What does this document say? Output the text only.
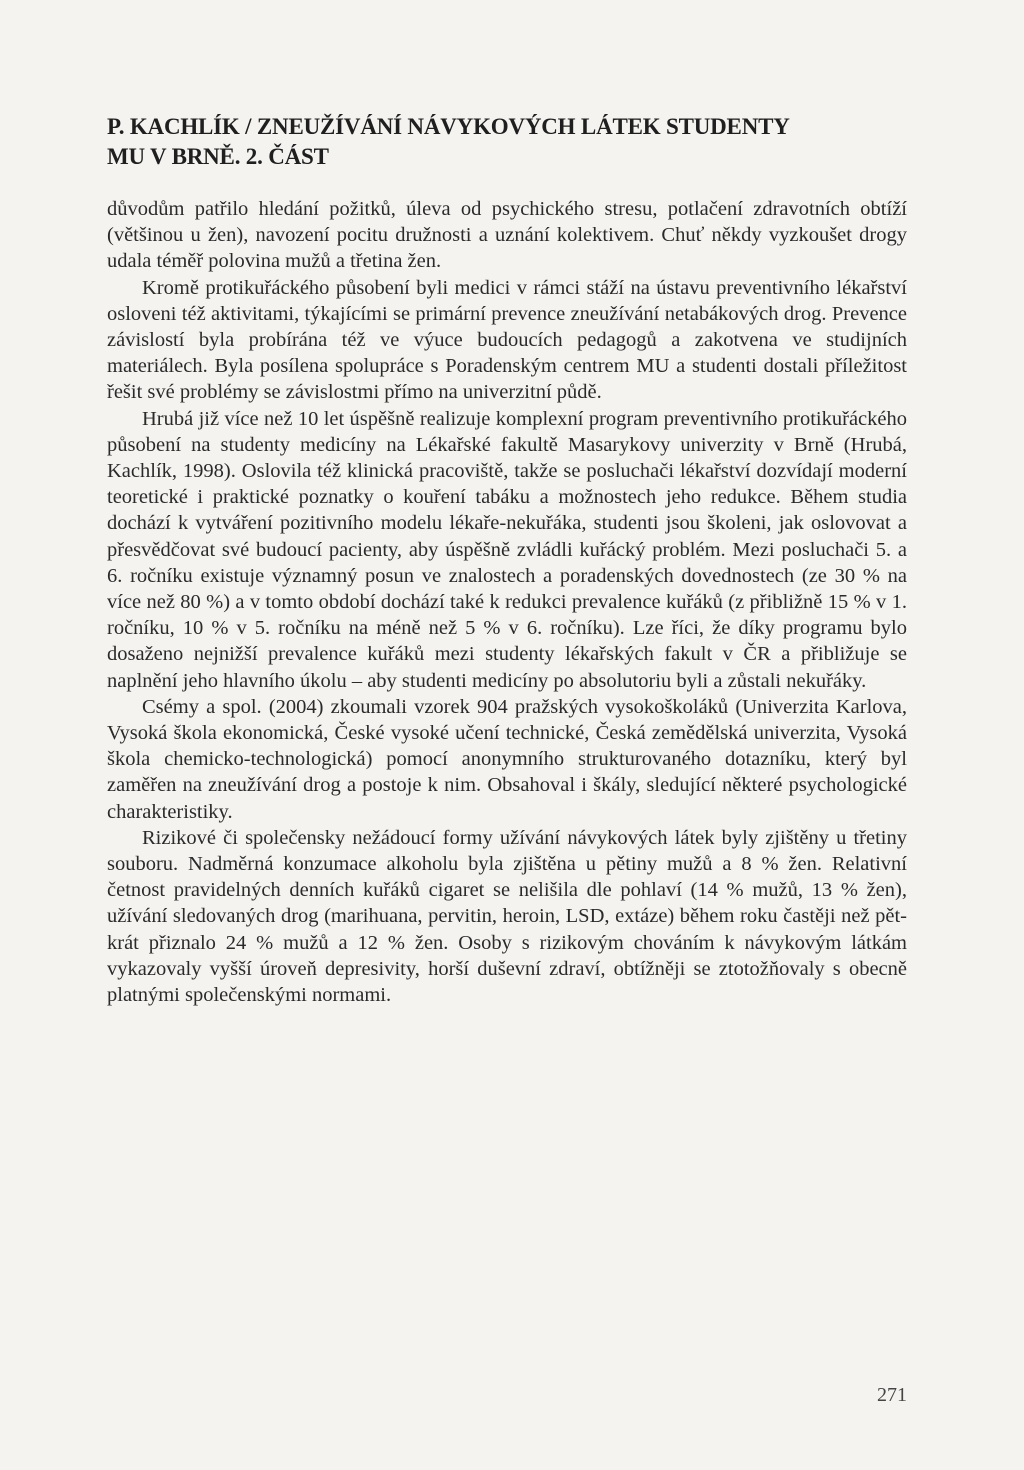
P. KACHLÍK / ZNEUŽÍVÁNÍ NÁVYKOVÝCH LÁTEK STUDENTY
MU V BRNĚ. 2. ČÁST

důvodům patřilo hledání požitků, úleva od psychického stresu, potlačení zdravotních obtíží (většinou u žen), navození pocitu družnosti a uznání kolektivem. Chuť někdy vyzkoušet drogy udala téměř polovina mužů a třetina žen.

Kromě protikuřáckého působení byli medici v rámci stáží na ústavu preventivního lékařství osloveni též aktivitami, týkajícími se primární prevence zneužívání netabákových drog. Prevence závislostí byla probírána též ve výuce budoucích pedagogů a zakotvena ve studijních materiálech. Byla posílena spolupráce s Poradenským centrem MU a studenti dostali příležitost řešit své problémy se závislostmi přímo na univerzitní půdě.

Hrubá již více než 10 let úspěšně realizuje komplexní program preventivního protikuřáckého působení na studenty medicíny na Lékařské fakultě Masarykovy univerzity v Brně (Hrubá, Kachlík, 1998). Oslovila též klinická pracoviště, takže se posluchači lékařství dozvídají moderní teoretické i praktické poznatky o kouření tabáku a možnostech jeho redukce. Během studia dochází k vytváření pozitivního modelu lékaře-nekuřáka, studenti jsou školeni, jak oslovovat a přesvědčovat své budoucí pacienty, aby úspěšně zvládli kuřácký problém. Mezi posluchači 5. a 6. ročníku existuje významný posun ve znalostech a poradenských dovednostech (ze 30 % na více než 80 %) a v tomto období dochází také k redukci prevalence kuřáků (z přibližně 15 % v 1. ročníku, 10 % v 5. ročníku na méně než 5 % v 6. ročníku). Lze říci, že díky programu bylo dosaženo nejnižší prevalence kuřáků mezi studenty lékařských fakult v ČR a přibližuje se naplnění jeho hlavního úkolu – aby studenti medicíny po absolutoriu byli a zůstali nekuřáky.

Csémy a spol. (2004) zkoumali vzorek 904 pražských vysokoškoláků (Univerzita Karlova, Vysoká škola ekonomická, České vysoké učení technické, Česká zemědělská univerzita, Vysoká škola chemicko-technologická) pomocí anonymního strukturovaného dotazníku, který byl zaměřen na zneužívání drog a postoje k nim. Obsahoval i škály, sledující některé psychologické charakteristiky.

Rizikové či společensky nežádoucí formy užívání návykových látek byly zjištěny u třetiny souboru. Nadměrná konzumace alkoholu byla zjištěna u pětiny mužů a 8 % žen. Relativní četnost pravidelných denních kuřáků cigaret se nelišila dle pohlaví (14 % mužů, 13 % žen), užívání sledovaných drog (marihuana, pervitin, heroin, LSD, extáze) během roku častěji než pětkrát přiznalo 24 % mužů a 12 % žen. Osoby s rizikovým chováním k návykovým látkám vykazovaly vyšší úroveň depresivity, horší duševní zdraví, obtížněji se ztotožňovaly s obecně platnými společenskými normami.

271
